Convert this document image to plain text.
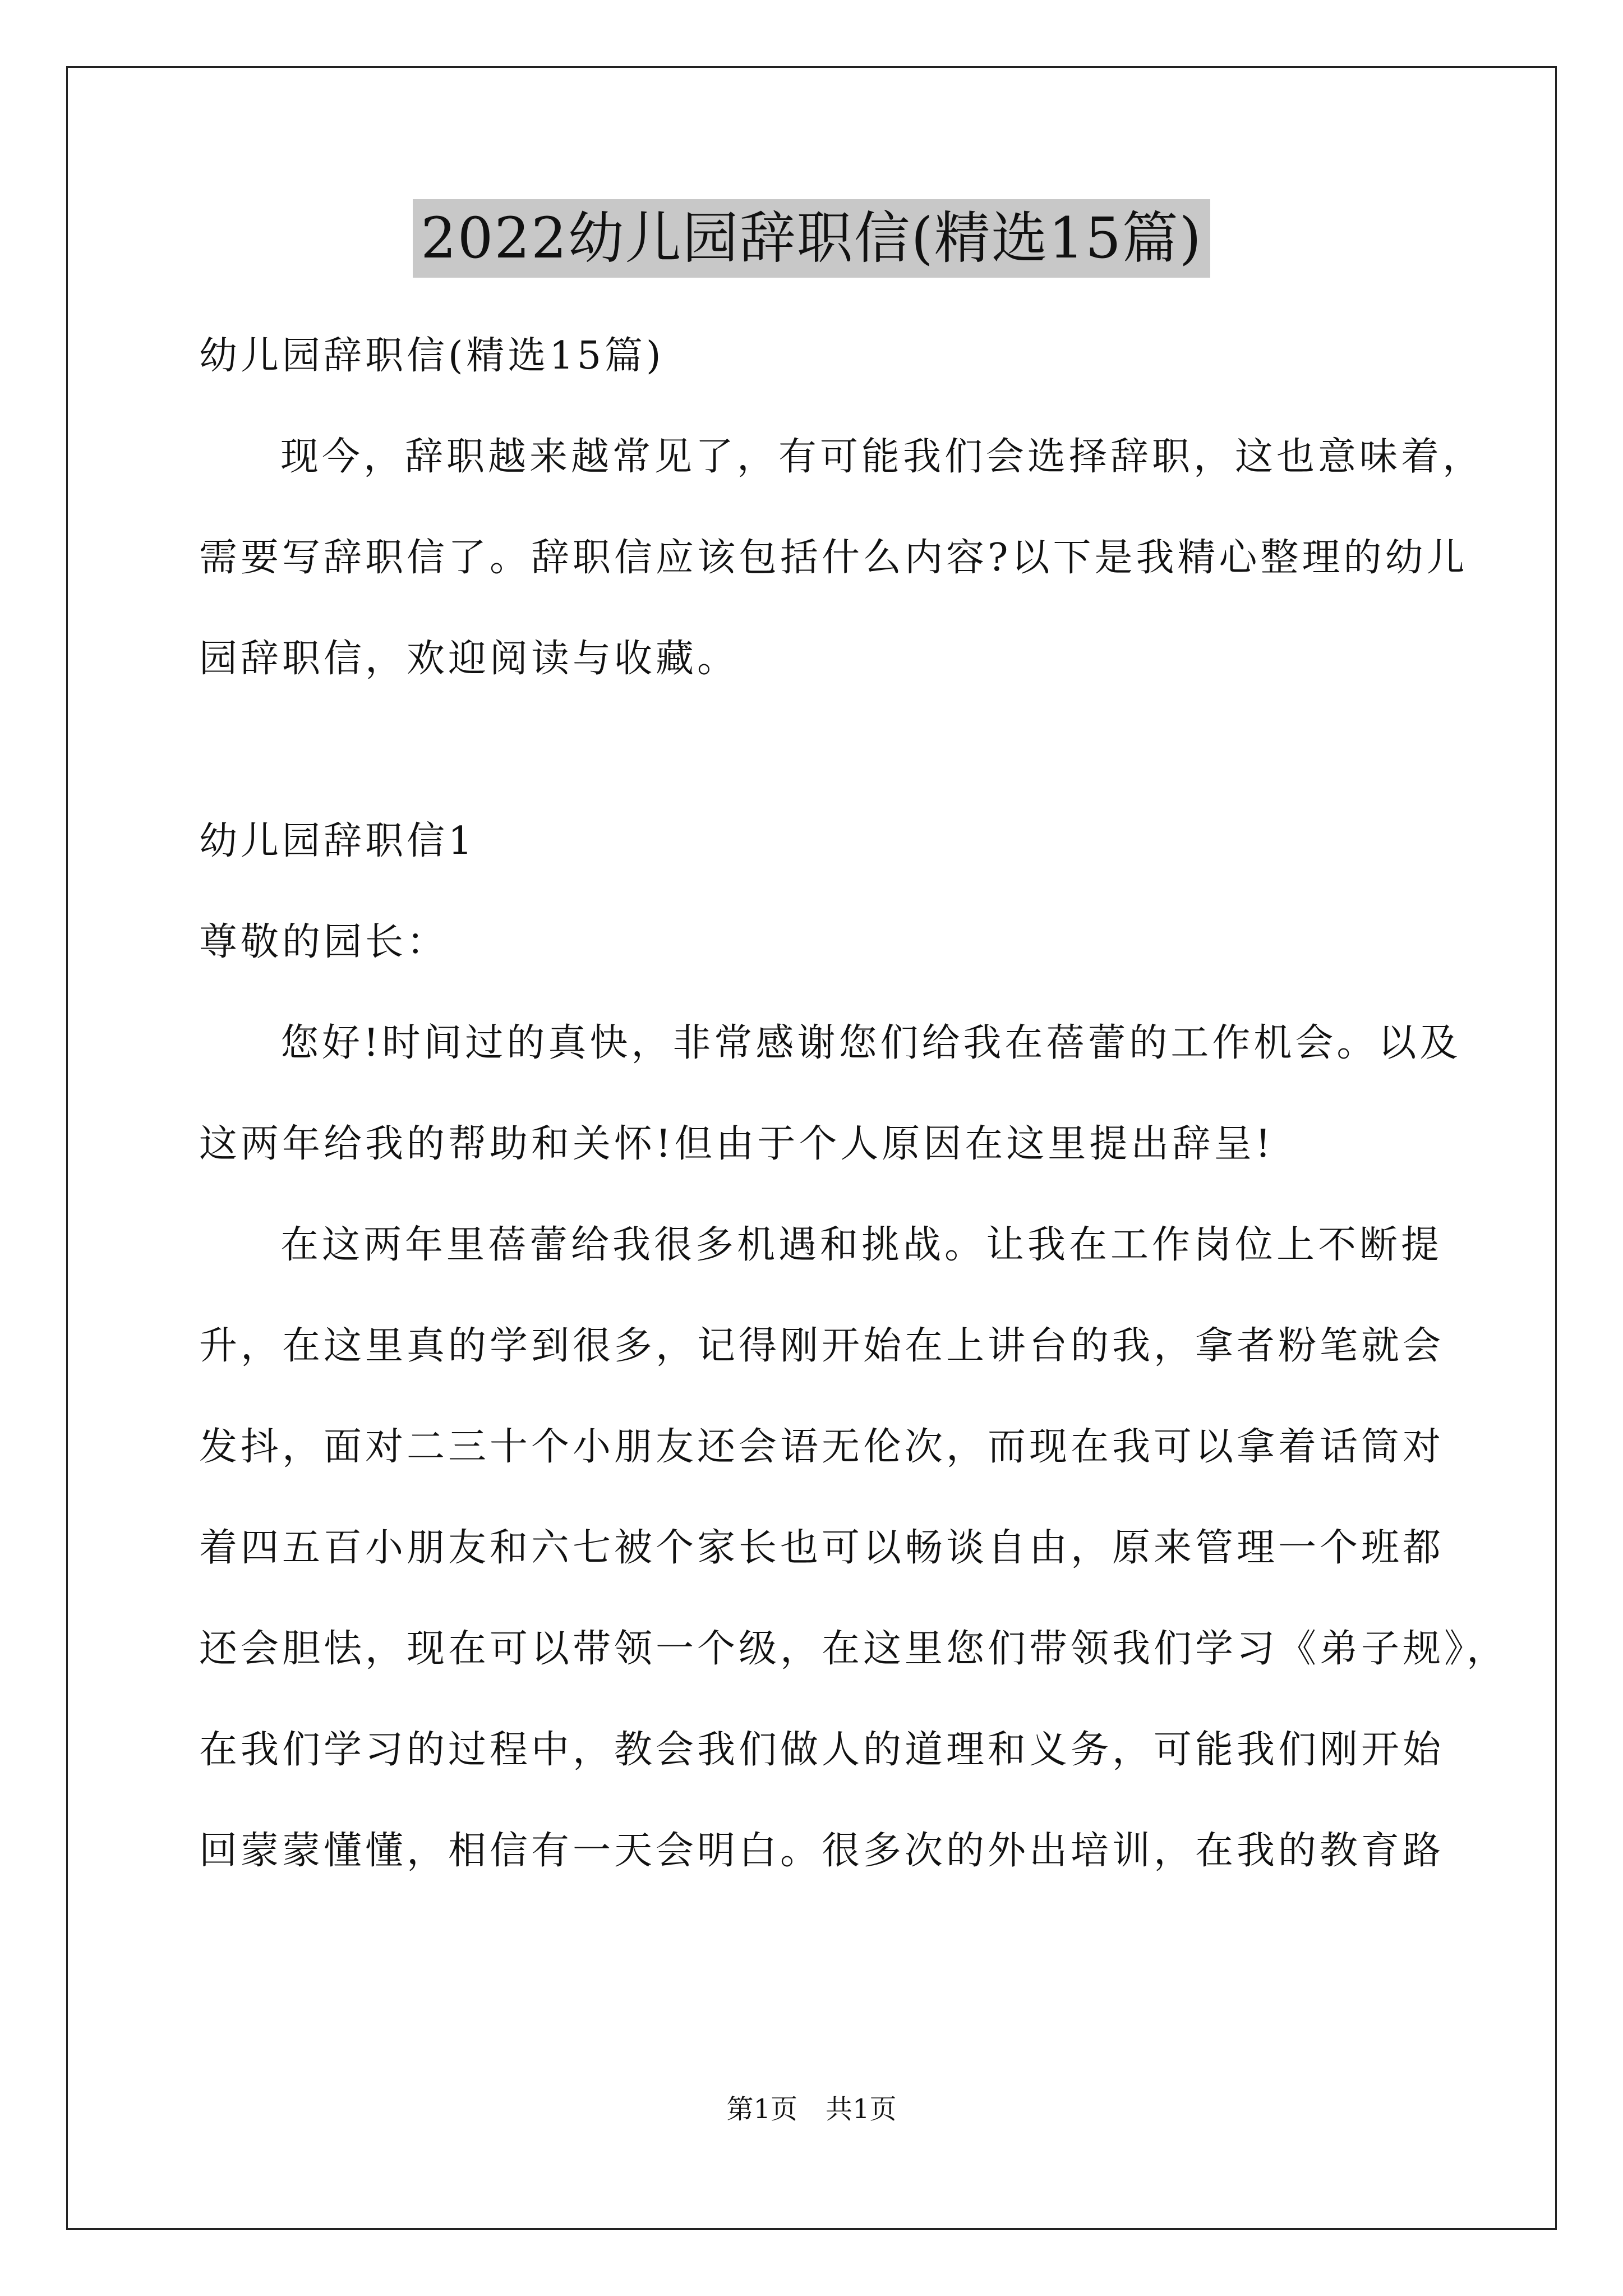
2022幼儿园辞职信(精选15篇)
幼儿园辞职信(精选15篇)
现今，辞职越来越常见了，有可能我们会选择辞职，这也意味着，
需要写辞职信了。辞职信应该包括什么内容?以下是我精心整理的幼儿
园辞职信，欢迎阅读与收藏。
幼儿园辞职信1
尊敬的园长：
您好!时间过的真快，非常感谢您们给我在蓓蕾的工作机会。以及
这两年给我的帮助和关怀!但由于个人原因在这里提出辞呈!
在这两年里蓓蕾给我很多机遇和挑战。让我在工作岗位上不断提
升，在这里真的学到很多，记得刚开始在上讲台的我，拿者粉笔就会
发抖，面对二三十个小朋友还会语无伦次，而现在我可以拿着话筒对
着四五百小朋友和六七被个家长也可以畅谈自由，原来管理一个班都
还会胆怯，现在可以带领一个级，在这里您们带领我们学习《弟子规》，
在我们学习的过程中，教会我们做人的道理和义务，可能我们刚开始
回蒙蒙懂懂，相信有一天会明白。很多次的外出培训，在我的教育路
第1页 共1页
